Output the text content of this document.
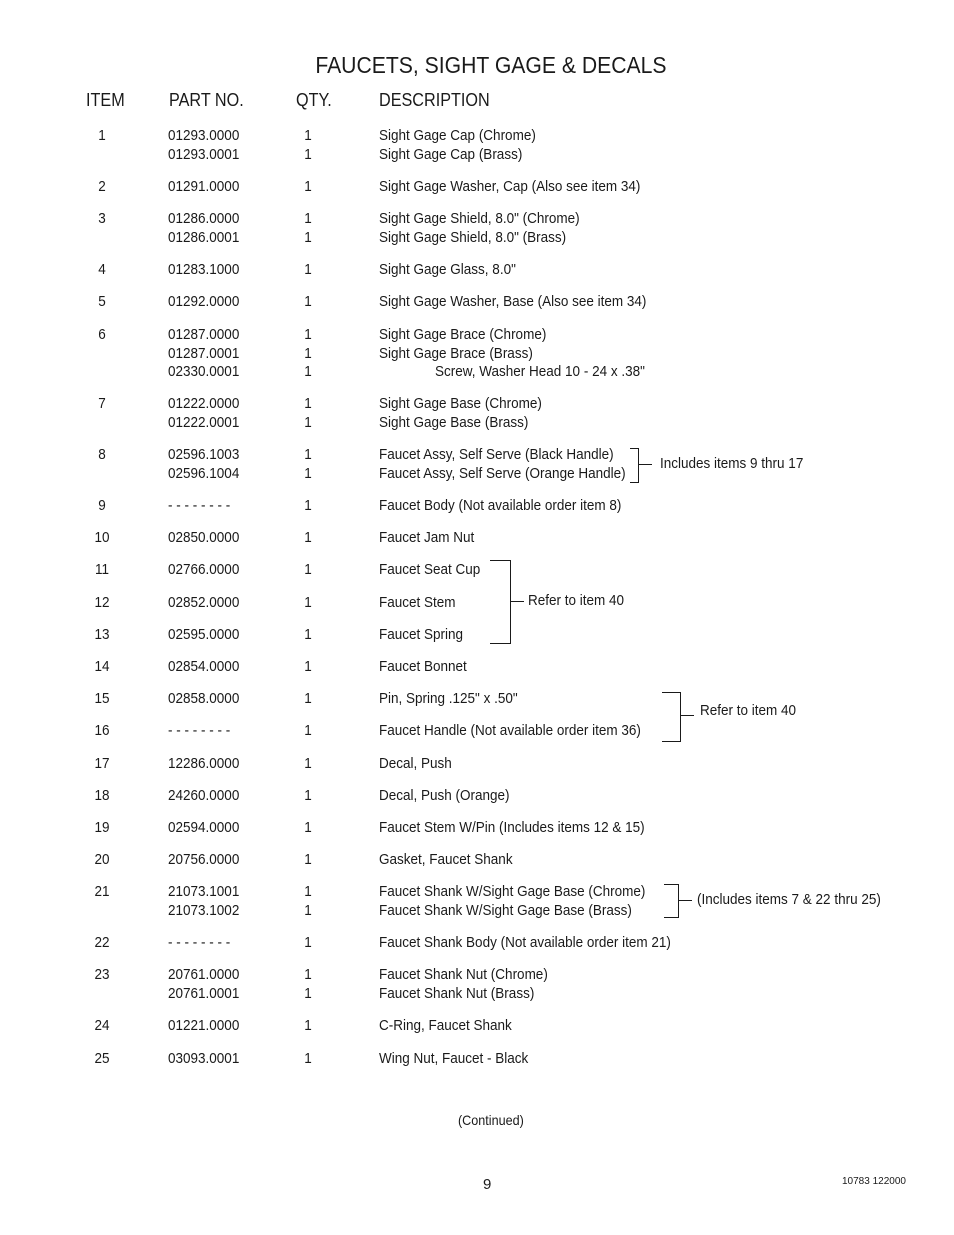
FAUCETS, SIGHT GAGE & DECALS
ITEM PART NO.	QTY.	DESCRIPTION
1	01293.0000	1	Sight Gage Cap (Chrome)
01293.0001	1	Sight Gage Cap (Brass)
2	01291.0000	1	Sight Gage Washer, Cap (Also see item 34)
3	01286.0000	1	Sight Gage Shield, 8.0" (Chrome)
01286.0001	1	Sight Gage Shield, 8.0" (Brass)
4	01283.1000	1	Sight Gage Glass, 8.0"
5	01292.0000	1	Sight Gage Washer, Base (Also see item 34)
6	01287.0000	1	Sight Gage Brace (Chrome)
01287.0001	1	Sight Gage Brace (Brass)
02330.0001	1	Screw, Washer Head 10 - 24 x .38"
7	01222.0000	1	Sight Gage Base (Chrome)
01222.0001	1	Sight Gage Base (Brass)
8	02596.1003	1	Faucet Assy, Self Serve (Black Handle)
02596.1004	1	Faucet Assy, Self Serve (Orange Handle)
9	- - - - - - - -	1	Faucet Body (Not available order item 8)
10	02850.0000	1	Faucet Jam Nut
11	02766.0000	1	Faucet Seat Cup
12	02852.0000	1	Faucet Stem
13	02595.0000	1	Faucet Spring
14	02854.0000	1	Faucet Bonnet
15	02858.0000	1	Pin, Spring .125" x .50"
16	- - - - - - - -	1	Faucet Handle (Not available order item 36)
17	12286.0000	1	Decal, Push
18	24260.0000	1	Decal, Push (Orange)
19	02594.0000	1	Faucet Stem W/Pin (Includes items 12 & 15)
20	20756.0000	1	Gasket, Faucet Shank
21	21073.1001	1	Faucet Shank W/Sight Gage Base (Chrome)
21073.1002	1	Faucet Shank W/Sight Gage Base (Brass)
22	- - - - - - - -	1	Faucet Shank Body (Not available order item 21)
23	20761.0000	1	Faucet Shank Nut (Chrome)
20761.0001	1	Faucet Shank Nut (Brass)
24	01221.0000	1	C-Ring, Faucet Shank
25	03093.0001	1	Wing Nut, Faucet - Black
Includes items 9 thru 17
Refer to item 40
Refer to item 40
(Includes items 7 & 22 thru 25)
(Continued)
9	10783 122000
